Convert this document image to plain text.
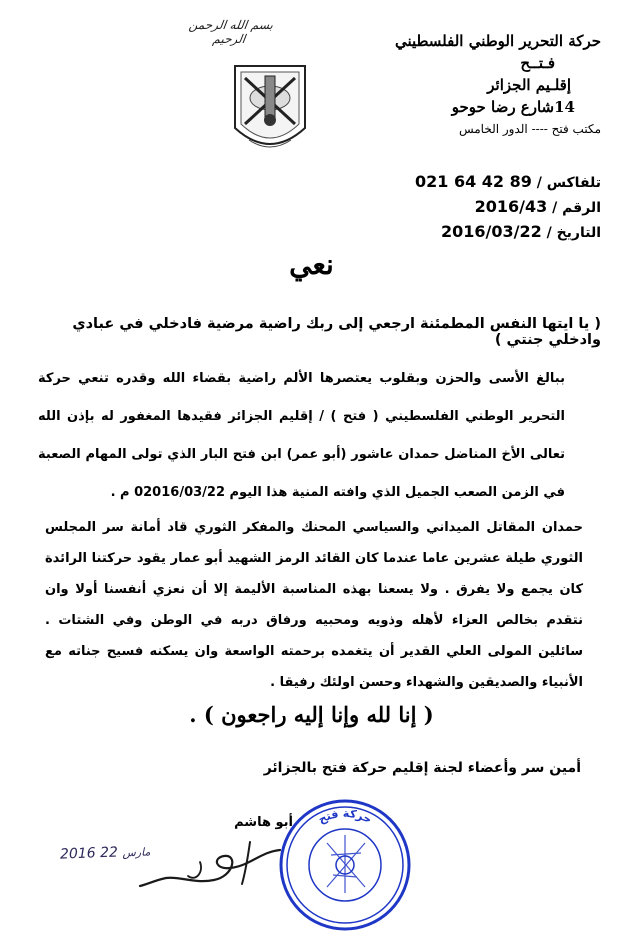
بسم الله الرحمن الرحيم	حركة التحرير الوطني الفلسطيني
فـتــح
إقلـيم الجزائر
14شارع رضا حوحو
مكتب فتح ---- الدور الخامس
تلفاكس / 021 64 42 89
الرقم / 2016/43
التاريخ / 2016/03/22
نعي
( يا ايتها النفس المطمئنة ارجعي إلى ربك راضية مرضية فادخلي في عبادي وادخلي جنتي )
ببالغ الأسى والحزن وبقلوب يعتصرها الألم راضية بقضاء الله وقدره تنعي حركة التحرير الوطني الفلسطيني ( فتح ) / إقليم الجزائر فقيدها المغفور له بإذن الله تعالى الأخ المناضل حمدان عاشور (أبو عمر) ابن فتح البار الذي تولى المهام الصعبة في الزمن الصعب الجميل الذي وافته المنية هذا اليوم 02016/03/22 م .
حمدان المقاتل الميداني والسياسي المحنك والمفكر الثوري قاد أمانة سر المجلس الثوري طيلة عشرين عاما عندما كان القائد الرمز الشهيد أبو عمار يقود حركتنا الرائدة كان يجمع ولا يفرق . ولا يسعنا بهذه المناسبة الأليمة إلا أن نعزي أنفسنا أولا وان نتقدم بخالص العزاء لأهله وذويه ومحبيه ورفاق دربه في الوطن وفي الشتات . سائلين المولى العلي القدير أن يتغمده برحمته الواسعة وان يسكنه فسيح جناته مع الأنبياء والصديقين والشهداء وحسن اولئك رفيقا .
( إنا لله وإنا إليه راجعون ) .
أمين سر وأعضاء لجنة إقليم حركة فتح بالجزائر
أبو هاشم
2016 مارس 22
حركة فتح
